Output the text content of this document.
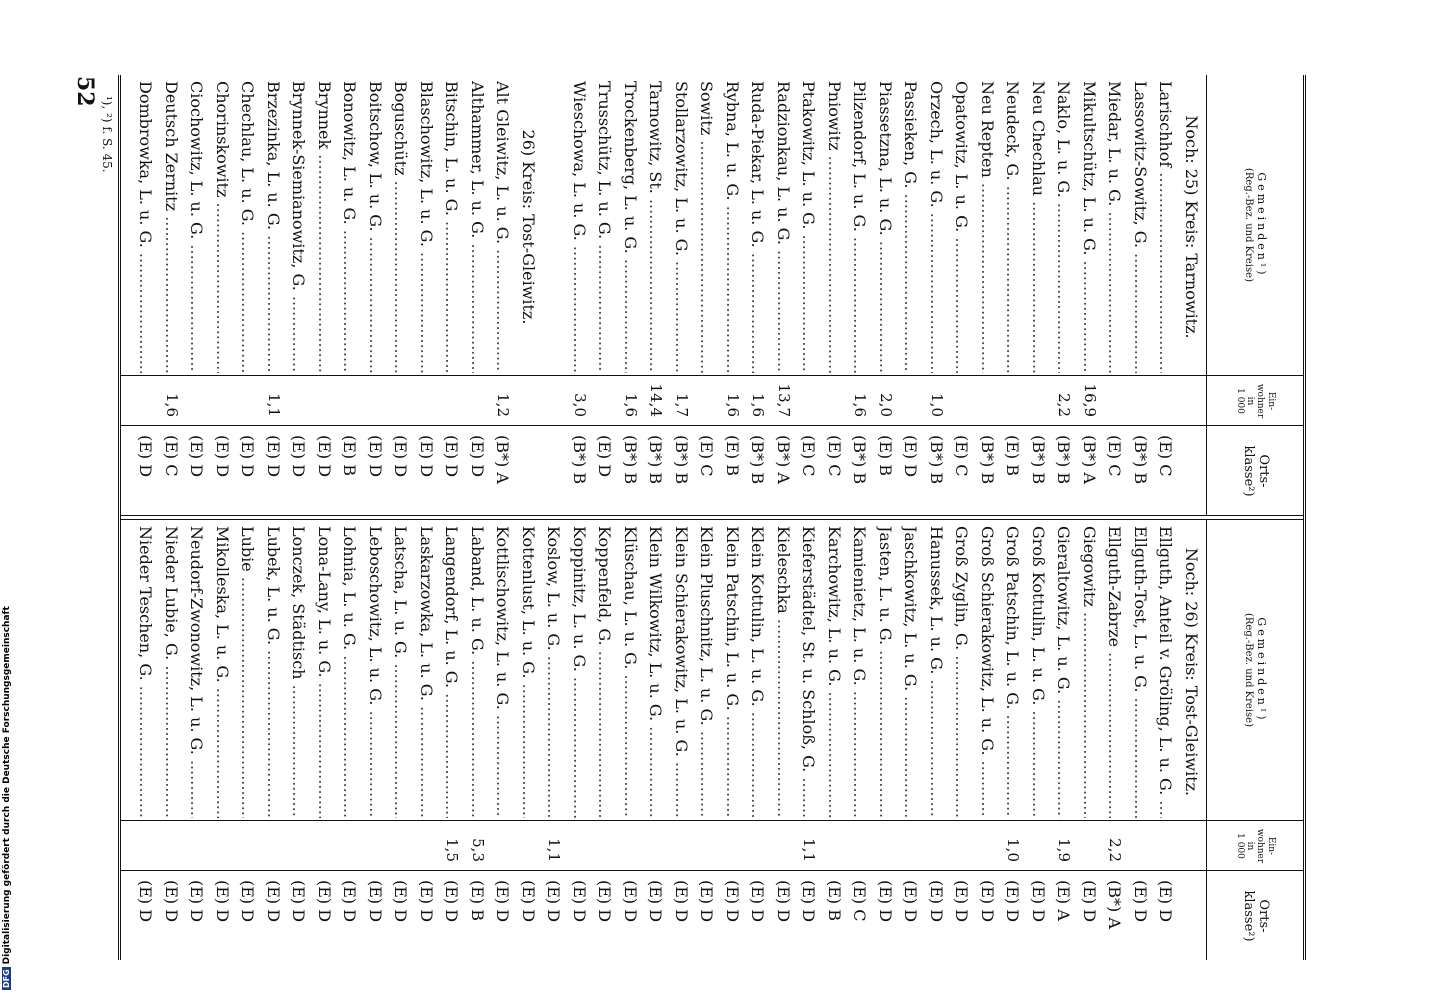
52
Gemeinden¹)
(Reg.-Bez. und Kreise)
Ein-
wohner
in
1 000
Orts-
klasse²)
Noch: 25) Kreis: Tarnowitz.
Larischhof .....
(E) C
Lassowitz-Sowitz, G. .....
(B*) B
Miedar, L. u. G. .....
(E) C
Mikultschütz, L. u. G. .....
16,9
(B*) A
Naklo, L. u. G. .....
2,2
(B*) B
Neu Chechlau .....
(B*) B
Neudeck, G. .....
(E) B
Neu Repten .....
(B*) B
Opatowitz, L. u. G. .....
(E) C
Orzech, L. u. G. .....
1,0
(B*) B
Passieken, G. .....
(E) D
Piassetzna, L. u. G. .....
2,0
(E) B
Pilzendorf, L. u. G. .....
1,6
(B*) B
Pniowitz .....
(E) C
Ptakowitz, L. u. G. .....
(E) C
Radzionkau, L. u. G. .....
13,7
(B*) A
Ruda-Piekar, L. u. G. .....
1,6
(B*) B
Rybna, L. u. G. .....
1,6
(E) B
Sowitz .....
(E) C
Stollarzowitz, L. u. G. .....
1,7
(B*) B
Tarnowitz, St. .....
14,4
(B*) B
Trockenberg, L. u. G. .....
1,6
(B*) B
Trusschütz, L. u. G. .....
(E) D
Wieschowa, L. u. G. .....
3,0
(B*) B
26) Kreis: Tost-Gleiwitz.
Alt Gleiwitz, L. u. G. .....
1,2
(B*) A
Althammer, L. u. G. .....
(E) D
Bitschin, L. u. G. .....
(E) D
Blaschowitz, L. u. G. .....
(E) D
Boguschütz .....
(E) D
Boitschow, L. u. G. .....
(E) D
Bonowitz, L. u. G. .....
(E) B
Brynnek .....
(E) D
Brynnek-Siemianowitz, G. .....
(E) D
Brzezinka, L. u. G. .....
1,1
(E) D
Chechlau, L. u. G. .....
(E) D
Chorinskowitz .....
(E) D
Ciochowitz, L. u. G. .....
(E) D
Deutsch Zernitz .....
1,6
(E) C
Dombrowka, L. u. G. .....
(E) D
Gemeinden¹)
(Reg.-Bez. und Kreise)
Ein-
wohner
in
1 000
Orts-
klasse²)
Noch: 26) Kreis: Tost-Gleiwitz.
Ellguth, Anteil v. Gröling, L. u. G. .....
(E) D
Ellguth-Tost, L. u. G. .....
(E) D
Ellguth-Zabrze .....
2,2
(B*) A
Giegowitz .....
(E) D
Gieraltowitz, L. u. G. .....
1,9
(E) A
Groß Kottulin, L. u. G. .....
(E) D
Groß Patschin, L. u. G. .....
1,0
(E) D
Groß Schierakowitz, L. u. G. .....
(E) D
Groß Zyglin, G. .....
(E) D
Hanussek, L. u. G. .....
(E) D
Jaschkowitz, L. u. G. .....
(E) D
Jasten, L. u. G. .....
(E) D
Kamienietz, L. u. G. .....
(E) C
Karchowitz, L. u. G. .....
(E) B
Kieferstädtel, St. u. Schloß, G. .....
1,1
(E) D
Kieleschka .....
(E) D
Klein Kottulin, L. u. G. .....
(E) D
Klein Patschin, L. u. G. .....
(E) D
Klein Pluschnitz, L. u. G. .....
(E) D
Klein Schierakowitz, L. u. G. .....
(E) D
Klein Wilkowitz, L. u. G. .....
(E) D
Klüschau, L. u. G. .....
(E) D
Koppenfeld, G. .....
(E) D
Koppinitz, L. u. G. .....
(E) D
Koslow, L. u. G. .....
1,1
(E) D
Kottenlust, L. u. G. .....
(E) D
Kottlischowitz, L. u. G. .....
(E) D
Laband, L. u. G. .....
5,3
(E) B
Langendorf, L. u. G. .....
1,5
(E) D
Laskarzowka, L. u. G. .....
(E) D
Latscha, L. u. G. .....
(E) D
Leboschowitz, L. u. G. .....
(E) D
Lohnia, L. u. G. .....
(E) D
Lona-Lany, L. u. G. .....
(E) D
Lonczek, Städtisch .....
(E) D
Lubek, L. u. G. .....
(E) D
Lubie .....
(E) D
Mikolleska, L. u. G. .....
(E) D
Neudorf-Zwonowitz, L. u. G. .....
(E) D
Nieder Lubie, G. .....
(E) D
Nieder Teschen, G. .....
(E) D
¹), ²) f. S. 45.
DFGDigitalisierung gefördert durch die Deutsche Forschungsgemeinschaft
